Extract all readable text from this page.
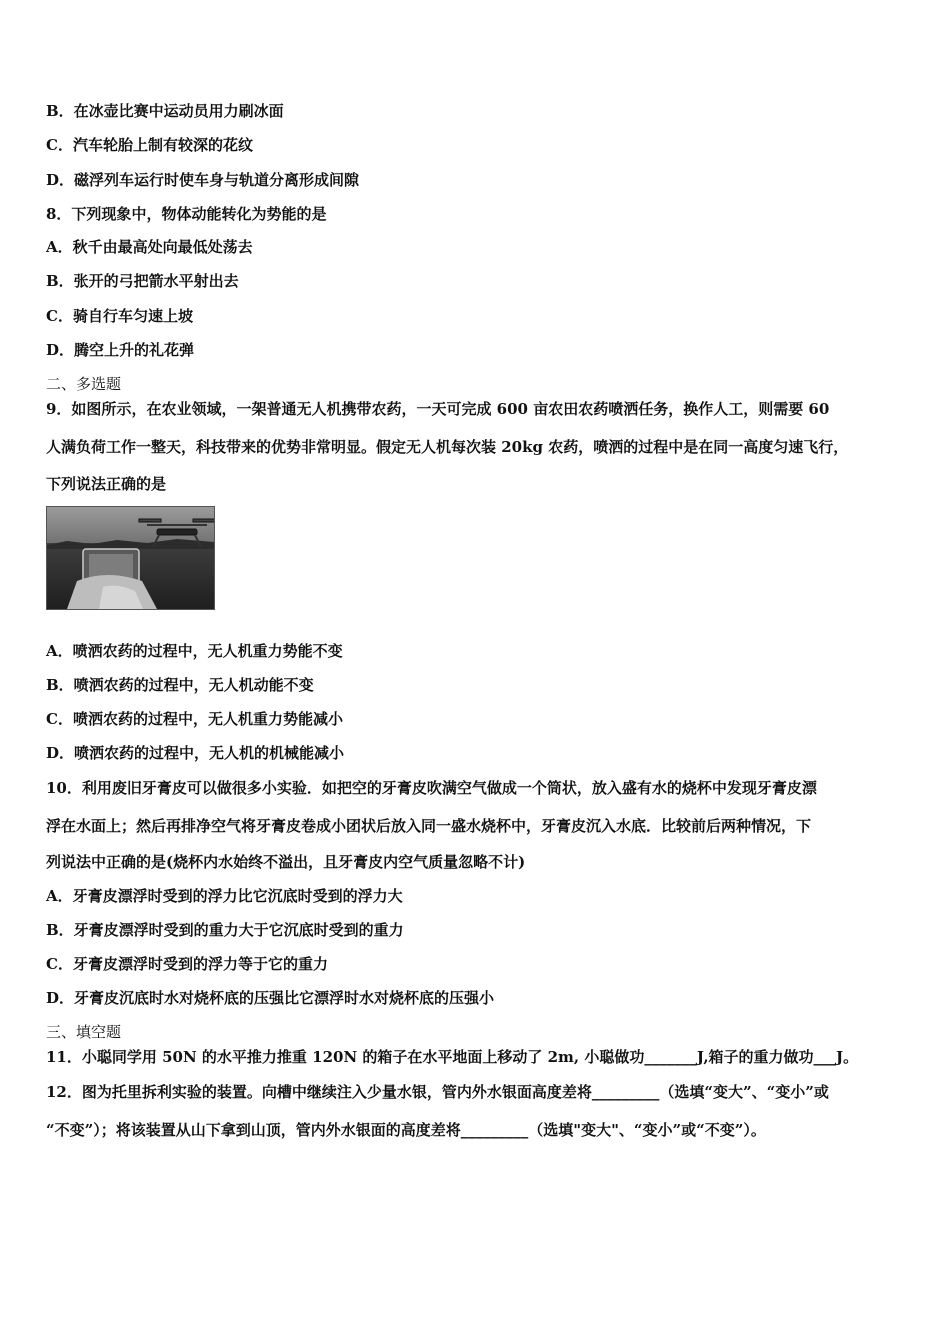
B．在冰壶比赛中运动员用力刷冰面
C．汽车轮胎上制有较深的花纹
D．磁浮列车运行时使车身与轨道分离形成间隙
8．下列现象中，物体动能转化为势能的是
A．秋千由最高处向最低处荡去
B．张开的弓把箭水平射出去
C．骑自行车匀速上坡
D．腾空上升的礼花弹
二、多选题
9．如图所示，在农业领域，一架普通无人机携带农药，一天可完成 600 亩农田农药喷洒任务，换作人工，则需要 60
人满负荷工作一整天，科技带来的优势非常明显。假定无人机每次装 20kg 农药，喷洒的过程中是在同一高度匀速飞行，
下列说法正确的是
A．喷洒农药的过程中，无人机重力势能不变
B．喷洒农药的过程中，无人机动能不变
C．喷洒农药的过程中，无人机重力势能减小
D．喷洒农药的过程中，无人机的机械能减小
10．利用废旧牙膏皮可以做很多小实验．如把空的牙膏皮吹满空气做成一个筒状，放入盛有水的烧杯中发现牙膏皮漂
浮在水面上；然后再排净空气将牙膏皮卷成小团状后放入同一盛水烧杯中，牙膏皮沉入水底．比较前后两种情况，下
列说法中正确的是(烧杯内水始终不溢出，且牙膏皮内空气质量忽略不计)
A．牙膏皮漂浮时受到的浮力比它沉底时受到的浮力大
B．牙膏皮漂浮时受到的重力大于它沉底时受到的重力
C．牙膏皮漂浮时受到的浮力等于它的重力
D．牙膏皮沉底时水对烧杯底的压强比它漂浮时水对烧杯底的压强小
三、填空题
11．小聪同学用 50N 的水平推力推重 120N 的箱子在水平地面上移动了 2m, 小聪做功_______J,箱子的重力做功___J。
12．图为托里拆利实验的装置。向槽中继续注入少量水银，管内外水银面高度差将_________（选填“变大”、“变小”或
“不变”）；将该装置从山下拿到山顶，管内外水银面的高度差将_________（选填"变大"、“变小”或“不变”）。
